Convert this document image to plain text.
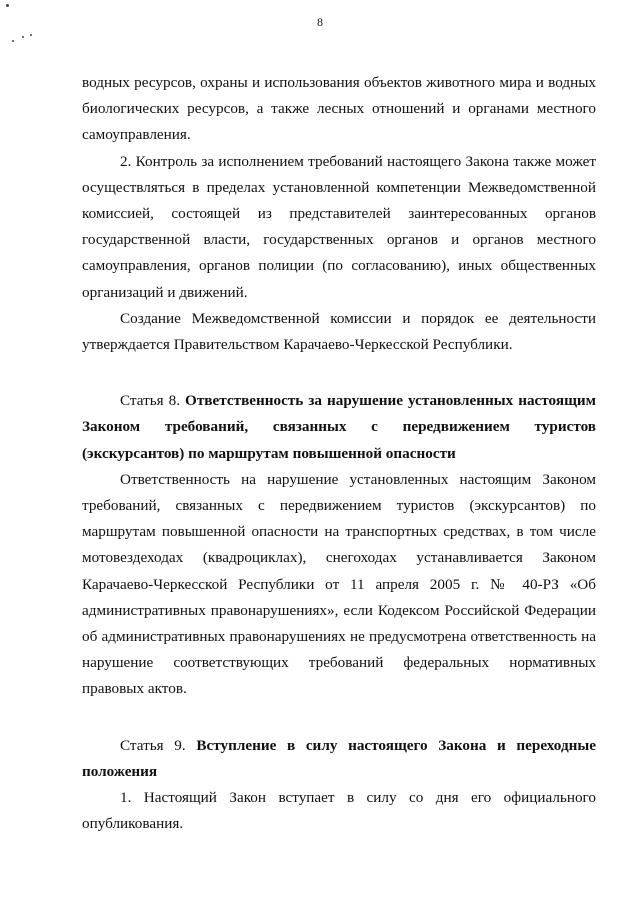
8

водных ресурсов, охраны и использования объектов животного мира и водных биологических ресурсов, а также лесных отношений и органами местного самоуправления.

2. Контроль за исполнением требований настоящего Закона также может осуществляться в пределах установленной компетенции Межведомственной комиссией, состоящей из представителей заинтересованных органов государственной власти, государственных органов и органов местного самоуправления, органов полиции (по согласованию), иных общественных организаций и движений.

Создание Межведомственной комиссии и порядок ее деятельности утверждается Правительством Карачаево-Черкесской Республики.

Статья 8. Ответственность за нарушение установленных настоящим Законом требований, связанных с передвижением туристов (экскурсантов) по маршрутам повышенной опасности

Ответственность на нарушение установленных настоящим Законом требований, связанных с передвижением туристов (экскурсантов) по маршрутам повышенной опасности на транспортных средствах, в том числе мотовездеходах (квадроциклах), снегоходах устанавливается Законом Карачаево-Черкесской Республики от 11 апреля 2005 г. № 40-РЗ «Об административных правонарушениях», если Кодексом Российской Федерации об административных правонарушениях не предусмотрена ответственность на нарушение соответствующих требований федеральных нормативных правовых актов.

Статья 9. Вступление в силу настоящего Закона и переходные положения

1. Настоящий Закон вступает в силу со дня его официального опубликования.
